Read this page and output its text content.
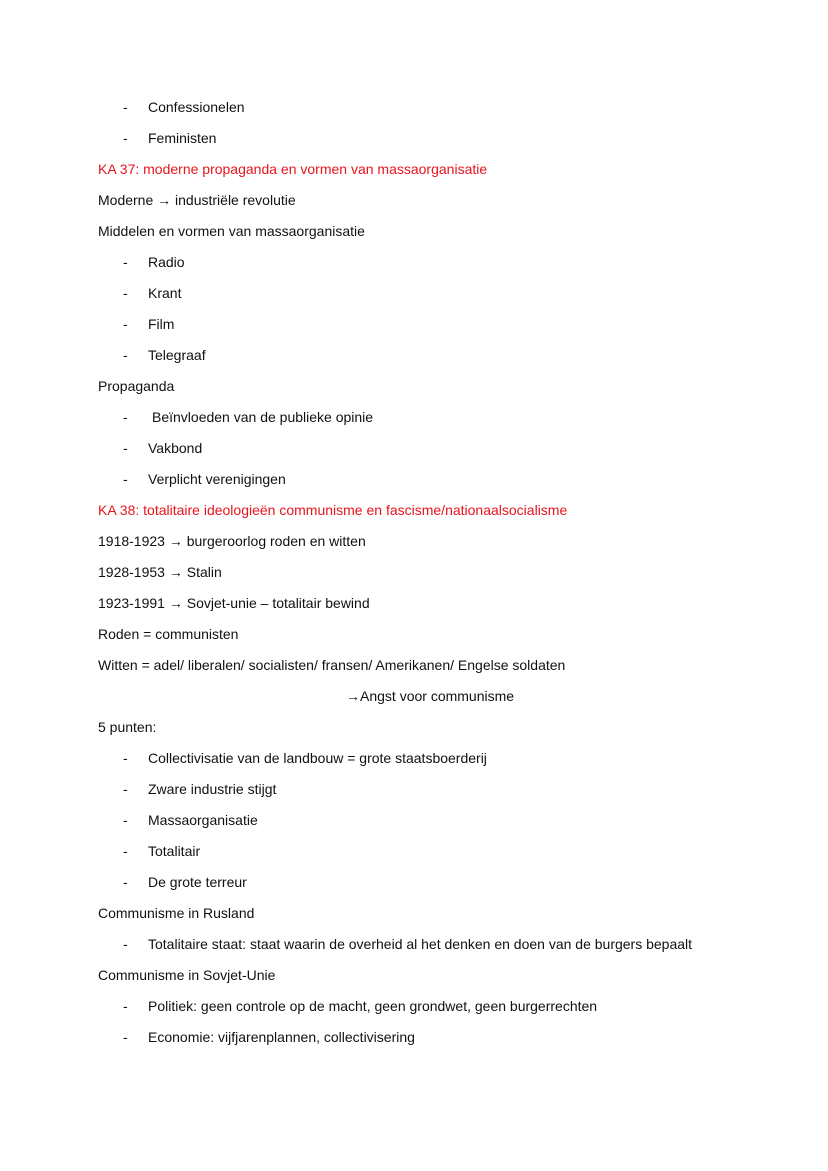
- Confessionelen
- Feministen
KA 37: moderne propaganda en vormen van massaorganisatie
Moderne → industriële revolutie
Middelen en vormen van massaorganisatie
- Radio
- Krant
- Film
- Telegraaf
Propaganda
- Beïnvloeden van de publieke opinie
- Vakbond
- Verplicht verenigingen
KA 38: totalitaire ideologieën communisme en fascisme/nationaalsocialisme
1918-1923 → burgeroorlog roden en witten
1928-1953 → Stalin
1923-1991 → Sovjet-unie – totalitair bewind
Roden = communisten
Witten = adel/ liberalen/ socialisten/ fransen/ Amerikanen/ Engelse soldaten
→Angst voor communisme
5 punten:
- Collectivisatie van de landbouw = grote staatsboerderij
- Zware industrie stijgt
- Massaorganisatie
- Totalitair
- De grote terreur
Communisme in Rusland
- Totalitaire staat: staat waarin de overheid al het denken en doen van de burgers bepaalt
Communisme in Sovjet-Unie
- Politiek: geen controle op de macht, geen grondwet, geen burgerrechten
- Economie: vijfjarenplannen, collectivisering
